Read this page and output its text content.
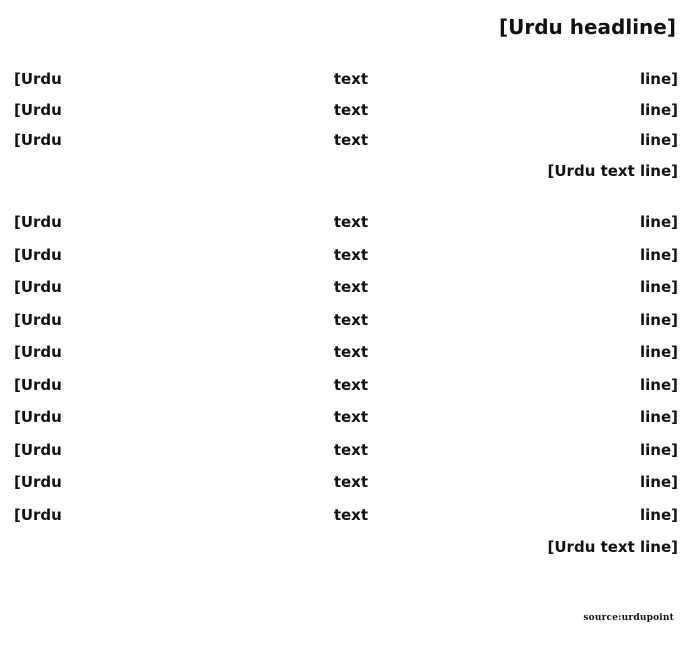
[Urdu headline]
[Urdu text line]
[Urdu text line]
[Urdu text line]
[Urdu text line]
[Urdu text line]
[Urdu text line]
[Urdu text line]
[Urdu text line]
[Urdu text line]
[Urdu text line]
[Urdu text line]
[Urdu text line]
[Urdu text line]
[Urdu text line]
[Urdu text line]
source:urdupoint
